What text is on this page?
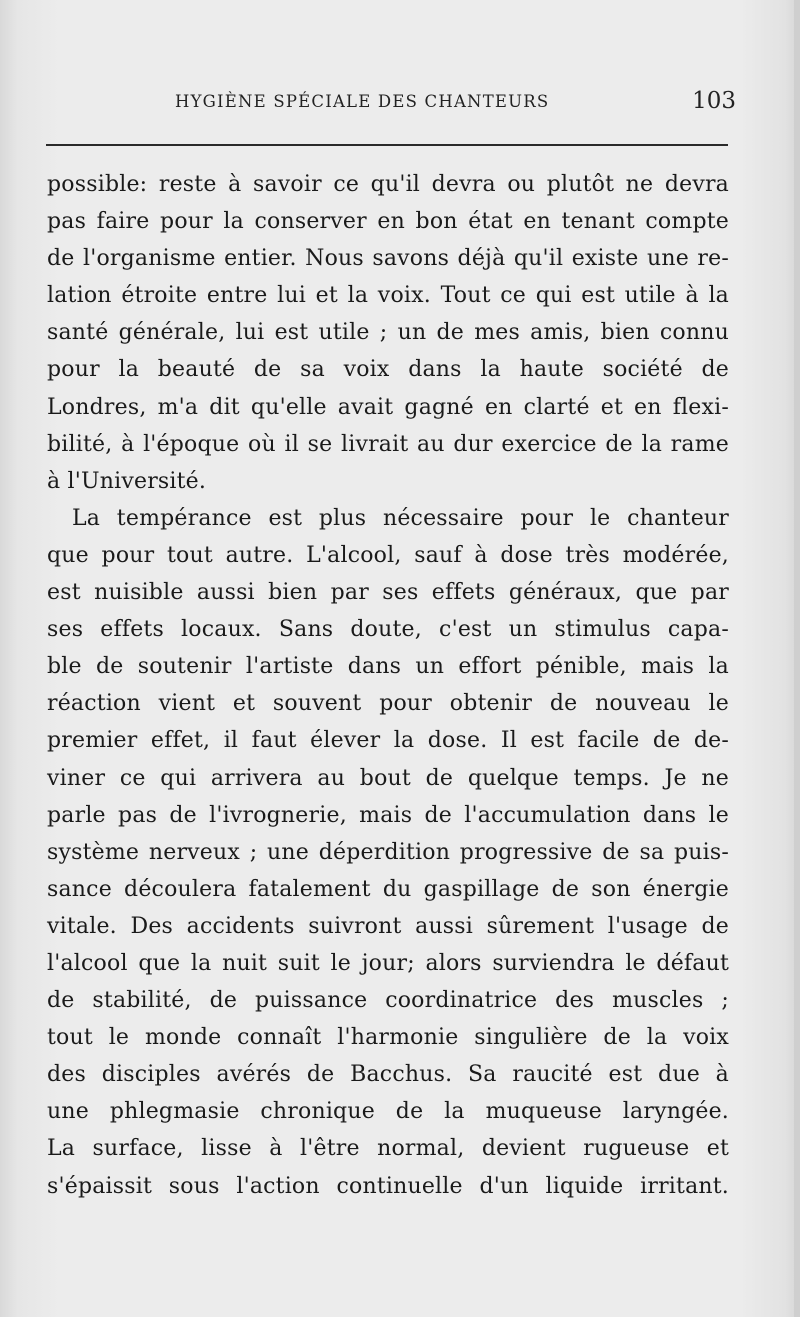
HYGIÈNE SPÉCIALE DES CHANTEURS	103
possible: reste à savoir ce qu'il devra ou plutôt ne devra
pas faire pour la conserver en bon état en tenant compte
de l'organisme entier. Nous savons déjà qu'il existe une re-
lation étroite entre lui et la voix. Tout ce qui est utile à la
santé générale, lui est utile ; un de mes amis, bien connu
pour la beauté de sa voix dans la haute société de
Londres, m'a dit qu'elle avait gagné en clarté et en flexi-
bilité, à l'époque où il se livrait au dur exercice de la rame
à l'Université.
La tempérance est plus nécessaire pour le chanteur
que pour tout autre. L'alcool, sauf à dose très modérée,
est nuisible aussi bien par ses effets généraux, que par
ses effets locaux. Sans doute, c'est un stimulus capa-
ble de soutenir l'artiste dans un effort pénible, mais la
réaction vient et souvent pour obtenir de nouveau le
premier effet, il faut élever la dose. Il est facile de de-
viner ce qui arrivera au bout de quelque temps. Je ne
parle pas de l'ivrognerie, mais de l'accumulation dans le
système nerveux ; une déperdition progressive de sa puis-
sance découlera fatalement du gaspillage de son énergie
vitale. Des accidents suivront aussi sûrement l'usage de
l'alcool que la nuit suit le jour; alors surviendra le défaut
de stabilité, de puissance coordinatrice des muscles ;
tout le monde connaît l'harmonie singulière de la voix
des disciples avérés de Bacchus. Sa raucité est due à
une phlegmasie chronique de la muqueuse laryngée.
La surface, lisse à l'être normal, devient rugueuse et
s'épaissit sous l'action continuelle d'un liquide irritant.
